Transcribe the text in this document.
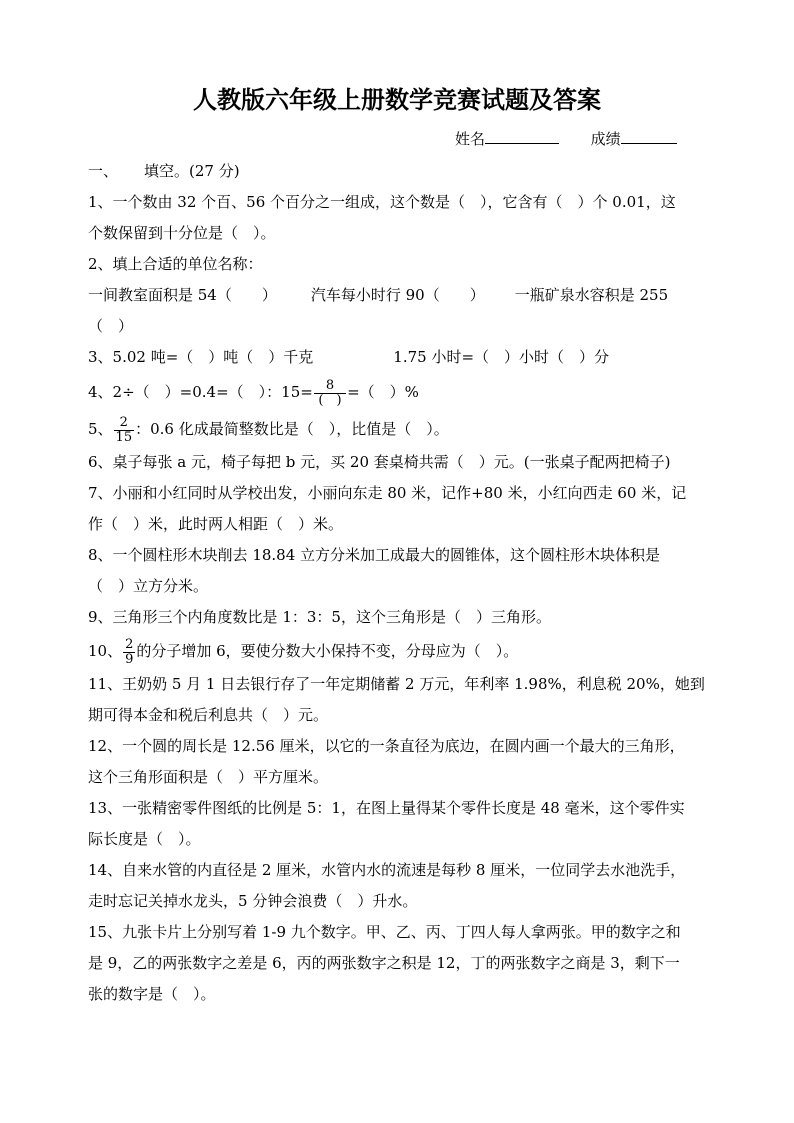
人教版六年级上册数学竞赛试题及答案
姓名	成绩
一、 填空。(27 分)
1、一个数由 32 个百、56 个百分之一组成，这个数是（　），它含有（　）个 0.01，这
个数保留到十分位是（　）。
2、填上合适的单位名称：
一间教室面积是 54（　　） 汽车每小时行 90（　　） 一瓶矿泉水容积是 255
（　）
3、5.02 吨=（　）吨（　）千克	1.75 小时=（　）小时（　）分
4、2÷（　）=0.4=（　）：$15= \frac{8}{( )}$ =（　）%
5、 $\frac{2}{15}$ ：0.6 化成最简整数比是（　），比值是（　）。
6、桌子每张 a 元，椅子每把 b 元，买 20 套桌椅共需（　）元。(一张桌子配两把椅子)
7、小丽和小红同时从学校出发，小丽向东走 80 米，记作+80 米，小红向西走 60 米，记
作（　）米，此时两人相距（　）米。
8、一个圆柱形木块削去 18.84 立方分米加工成最大的圆锥体，这个圆柱形木块体积是
（　）立方分米。
9、三角形三个内角度数比是 1：3：5，这个三角形是（　）三角形。
10、 $\frac{2}{9}$ 的分子增加 6，要使分数大小保持不变，分母应为（　）。
11、王奶奶 5 月 1 日去银行存了一年定期储蓄 2 万元，年利率 1.98%，利息税 20%，她到
期可得本金和税后利息共（　）元。
12、一个圆的周长是 12.56 厘米，以它的一条直径为底边，在圆内画一个最大的三角形，
这个三角形面积是（　）平方厘米。
13、一张精密零件图纸的比例是 5：1，在图上量得某个零件长度是 48 毫米，这个零件实
际长度是（　）。
14、自来水管的内直径是 2 厘米，水管内水的流速是每秒 8 厘米，一位同学去水池洗手，
走时忘记关掉水龙头，5 分钟会浪费（　）升水。
15、九张卡片上分别写着 1-9 九个数字。甲、乙、丙、丁四人每人拿两张。甲的数字之和
是 9，乙的两张数字之差是 6，丙的两张数字之积是 12，丁的两张数字之商是 3，剩下一
张的数字是（　）。
